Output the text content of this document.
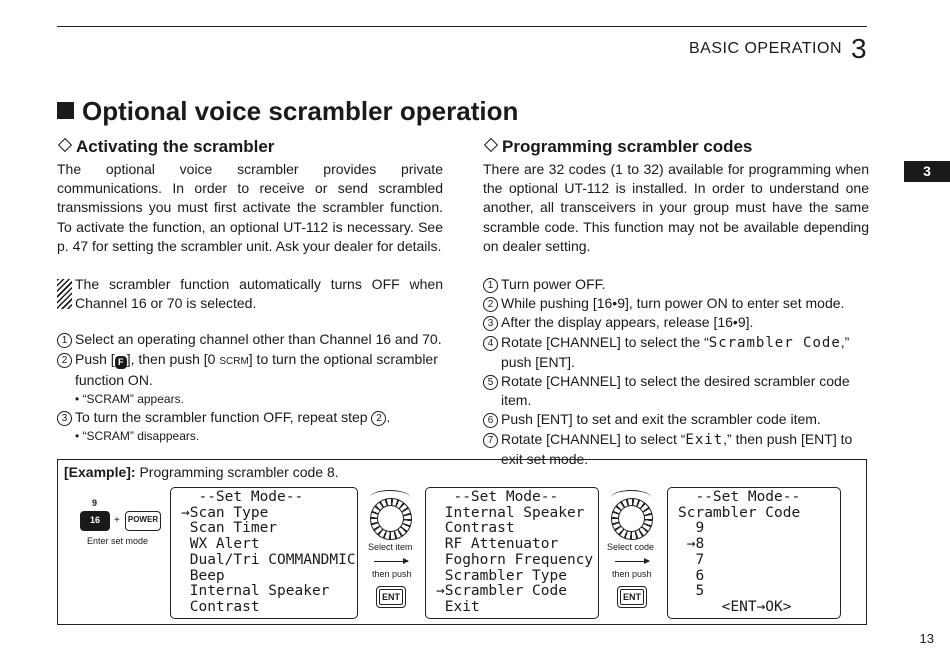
BASIC OPERATION 3
3
Optional voice scrambler operation
Activating the scrambler
The optional voice scrambler provides private communications. In order to receive or send scrambled transmissions you must first activate the scrambler function. To activate the function, an optional UT-112 is necessary. See p. 47 for setting the scrambler unit. Ask your dealer for details.
The scrambler function automatically turns OFF when Channel 16 or 70 is selected.
1 Select an operating channel other than Channel 16 and 70.
2 Push [ F ], then push [0 SCRM] to turn the optional scrambler function ON.
• “SCRAM” appears.
3 To turn the scrambler function OFF, repeat step 2 .
• “SCRAM” disappears.
Programming scrambler codes
There are 32 codes (1 to 32) available for programming when the optional UT-112 is installed. In order to understand one another, all transceivers in your group must have the same scramble code. This function may not be available depending on dealer setting.
1 Turn power OFF.
2 While pushing [16•9], turn power ON to enter set mode.
3 After the display appears, release [16•9].
4 Rotate [CHANNEL] to select the “Scrambler Code,” push [ENT].
5 Rotate [CHANNEL] to select the desired scrambler code item.
6 Push [ENT] to set and exit the scrambler code item.
7 Rotate [CHANNEL] to select “Exit,” then push [ENT] to exit set mode.
[Example]: Programming scrambler code 8.
9
16	+	POWER
Enter set mode
--Set Mode--
→Scan Type
Scan Timer
WX Alert
Dual/Tri COMMANDMIC
Beep
Internal Speaker
Contrast
Select item
then push
ENT
--Set Mode--
Internal Speaker
Contrast
RF Attenuator
Foghorn Frequency
Scrambler Type
→Scrambler Code
Exit
Select code
then push
ENT
--Set Mode--
Scrambler Code
9
→8
7
6
5
<ENT→OK>
13
